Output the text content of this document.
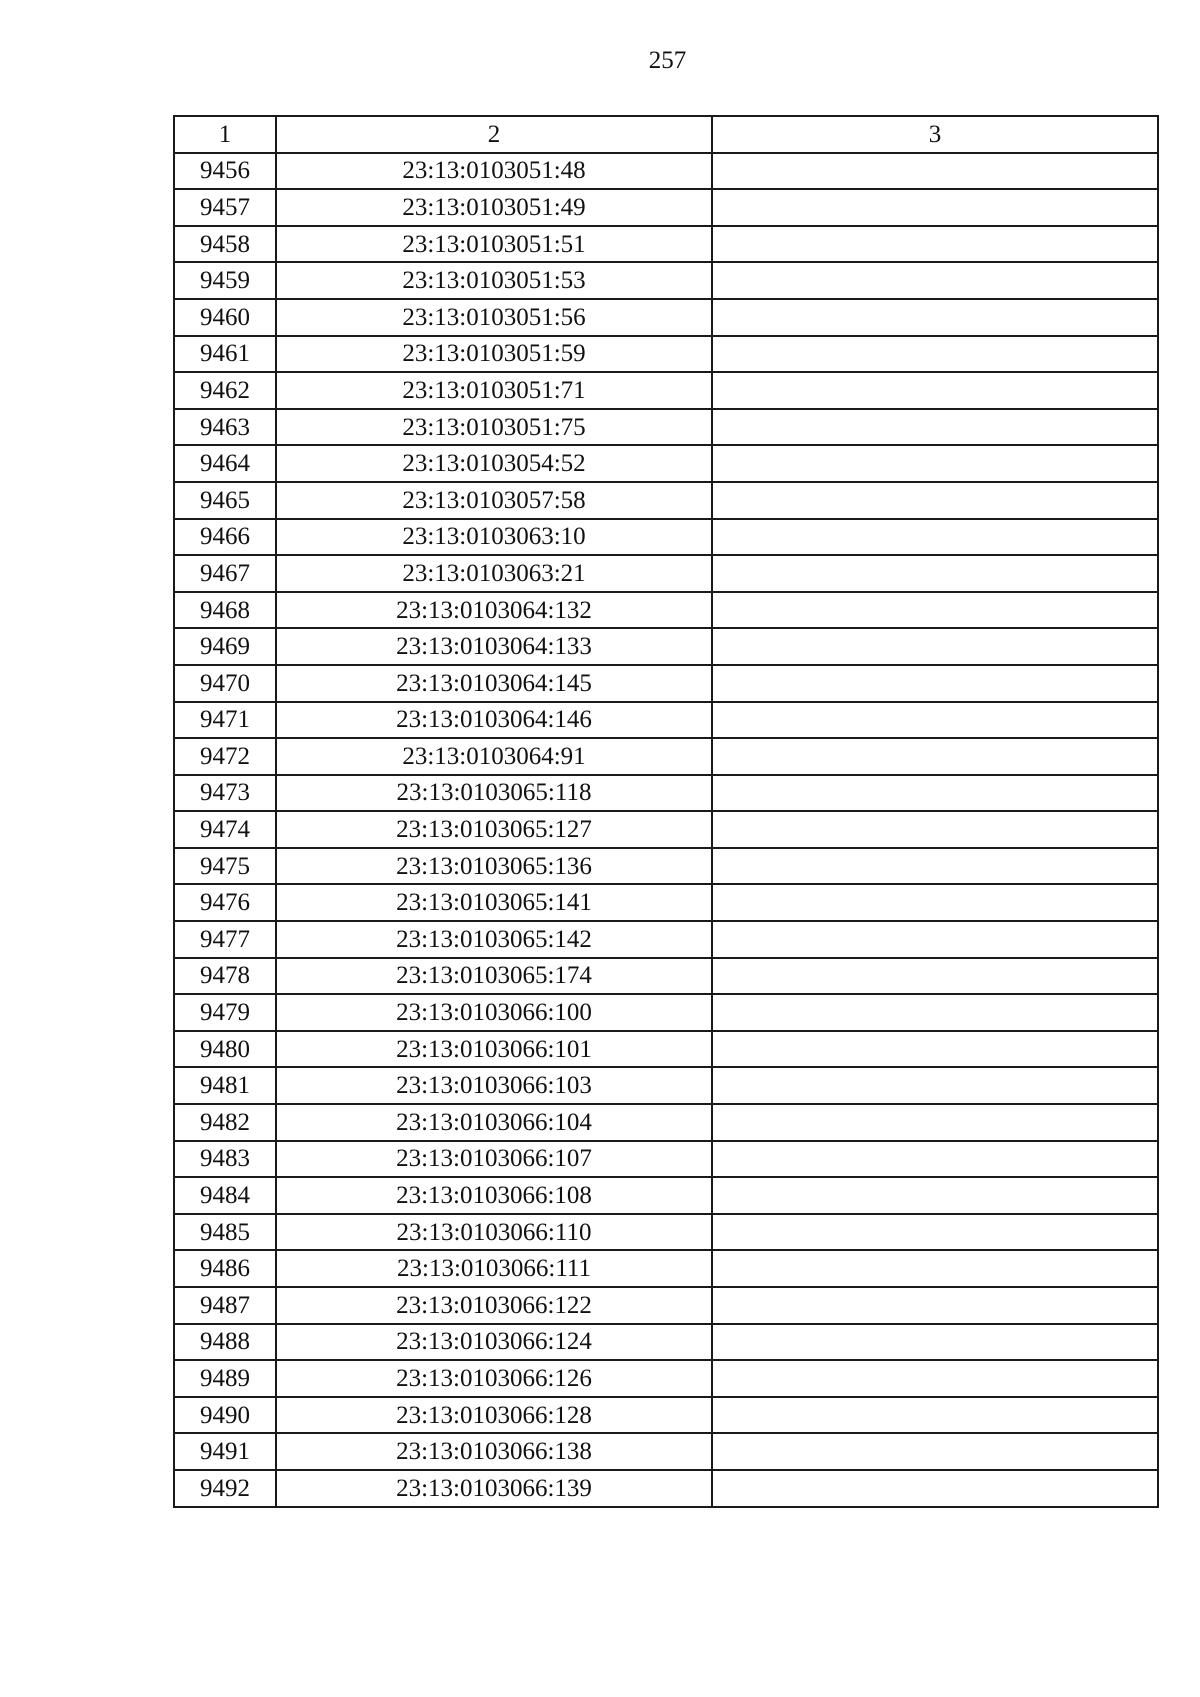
257
1	2	3
9456	23:13:0103051:48	
9457	23:13:0103051:49	
9458	23:13:0103051:51	
9459	23:13:0103051:53	
9460	23:13:0103051:56	
9461	23:13:0103051:59	
9462	23:13:0103051:71	
9463	23:13:0103051:75	
9464	23:13:0103054:52	
9465	23:13:0103057:58	
9466	23:13:0103063:10	
9467	23:13:0103063:21	
9468	23:13:0103064:132	
9469	23:13:0103064:133	
9470	23:13:0103064:145	
9471	23:13:0103064:146	
9472	23:13:0103064:91	
9473	23:13:0103065:118	
9474	23:13:0103065:127	
9475	23:13:0103065:136	
9476	23:13:0103065:141	
9477	23:13:0103065:142	
9478	23:13:0103065:174	
9479	23:13:0103066:100	
9480	23:13:0103066:101	
9481	23:13:0103066:103	
9482	23:13:0103066:104	
9483	23:13:0103066:107	
9484	23:13:0103066:108	
9485	23:13:0103066:110	
9486	23:13:0103066:111	
9487	23:13:0103066:122	
9488	23:13:0103066:124	
9489	23:13:0103066:126	
9490	23:13:0103066:128	
9491	23:13:0103066:138	
9492	23:13:0103066:139	
